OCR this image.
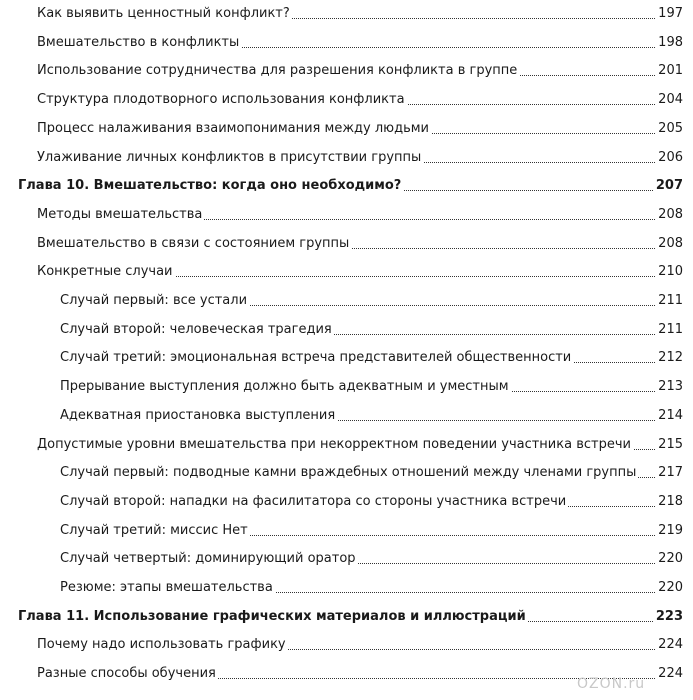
Как выявить ценностный конфликт?	197
Вмешательство в конфликты	198
Использование сотрудничества для разрешения конфликта в группе	201
Структура плодотворного использования конфликта	204
Процесс налаживания взаимопонимания между людьми	205
Улаживание личных конфликтов в присутствии группы	206
Глава 10. Вмешательство: когда оно необходимо?	207
Методы вмешательства	208
Вмешательство в связи с состоянием группы	208
Конкретные случаи	210
Случай первый: все устали	211
Случай второй: человеческая трагедия	211
Случай третий: эмоциональная встреча представителей общественности	212
Прерывание выступления должно быть адекватным и уместным	213
Адекватная приостановка выступления	214
Допустимые уровни вмешательства при некорректном поведении участника встречи 215
Случай первый: подводные камни враждебных отношений между членами группы 217
Случай второй: нападки на фасилитатора со стороны участника встречи	218
Случай третий: миссис Нет	219
Случай четвертый: доминирующий оратор	220
Резюме: этапы вмешательства	220
Глава 11. Использование графических материалов и иллюстраций	223
Почему надо использовать графику	224
Разные способы обучения	224
OZON.ru
